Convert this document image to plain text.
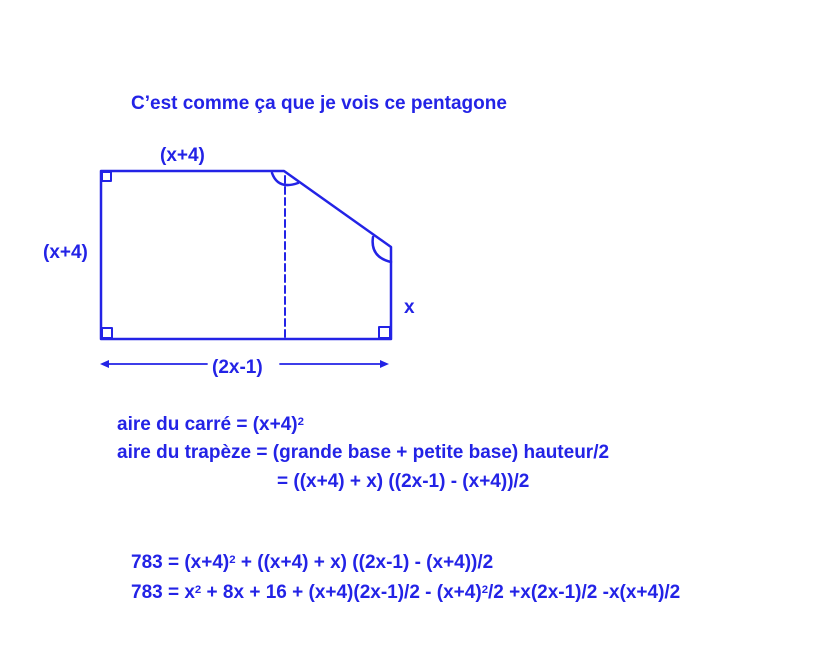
C’est comme ça que je vois ce pentagone
(x+4)
(x+4)
x
(2x-1)
aire du carré = $(x+4)^2$
aire du trapèze = (grande base + petite base) hauteur/2
= ((x+4) + x) ((2x-1) - (x+4))/2
$783 = (x+4)^2 + ((x+4) + x)$ ((2x-1) - (x+4))/2
$783 = x^2 + 8x + 16 + (x+4)(2x-1)/2 - (x+4)^2/2 +x(2x-1)/2$ -x(x+4)/2
